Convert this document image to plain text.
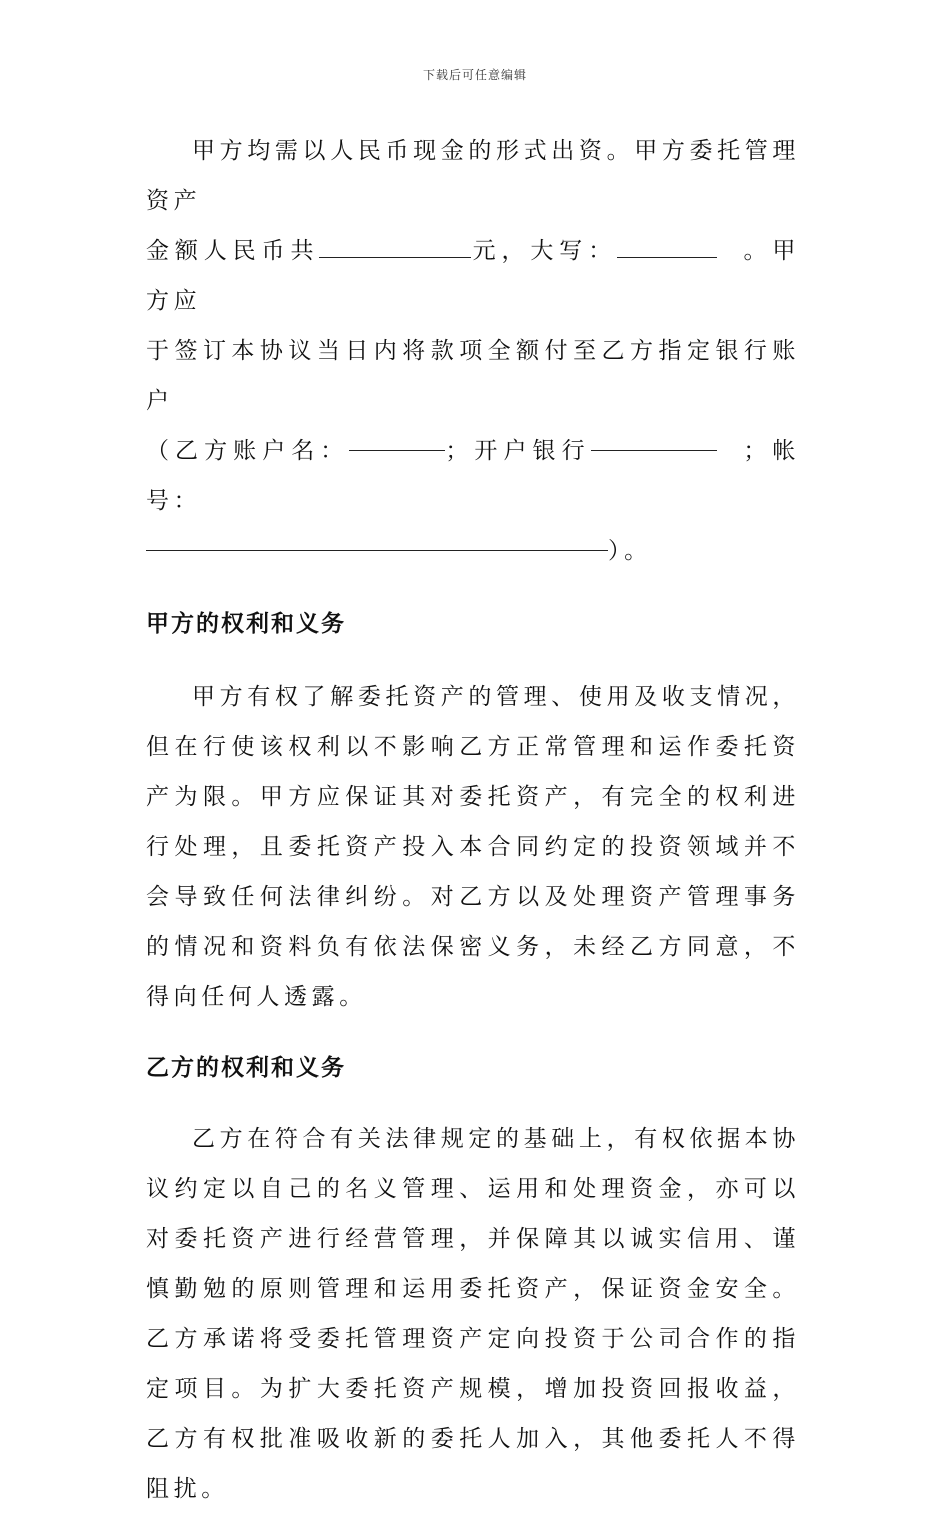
下载后可任意编辑
甲方均需以人民币现金的形式出资。甲方委托管理资产
金额人民币共	元，大写：	。甲方应
于签订本协议当日内将款项全额付至乙方指定银行账户
（乙方账户名：	；开户银行	；帐号：
）。
甲方的权利和义务

甲方有权了解委托资产的管理、使用及收支情况，但在行使该权利以不影响乙方正常管理和运作委托资产为限。甲方应保证其对委托资产，有完全的权利进行处理，且委托资产投入本合同约定的投资领域并不会导致任何法律纠纷。对乙方以及处理资产管理事务的情况和资料负有依法保密义务，未经乙方同意，不得向任何人透露。

乙方的权利和义务

乙方在符合有关法律规定的基础上，有权依据本协议约定以自己的名义管理、运用和处理资金，亦可以对委托资产进行经营管理，并保障其以诚实信用、谨慎勤勉的原则管理和运用委托资产，保证资金安全。乙方承诺将受委托管理资产定向投资于公司合作的指定项目。为扩大委托资产规模，增加投资回报收益，乙方有权批准吸收新的委托人加入，其他委托人不得阻扰。
